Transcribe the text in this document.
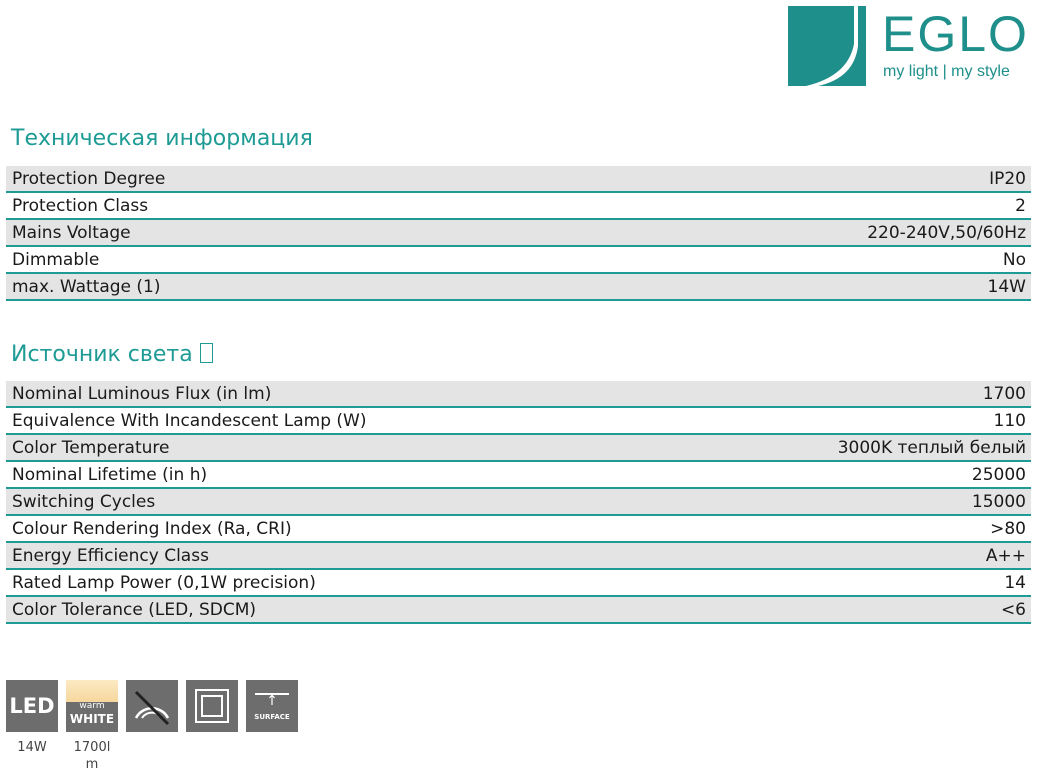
EGLO
my light | my style
Техническая информация
Protection Degree	IP20
Protection Class	2
Mains Voltage	220-240V,50/60Hz
Dimmable	No
max. Wattage (1)	14W
Источник света
Nominal Luminous Flux (in lm)	1700
Equivalence With Incandescent Lamp (W)	110
Color Temperature	3000K теплый белый
Nominal Lifetime (in h)	25000
Switching Cycles	15000
Colour Rendering Index (Ra, CRI)	>80
Energy Efficiency Class	A++
Rated Lamp Power (0,1W precision)	14
Color Tolerance (LED, SDCM)	<6
LED	warm
WHITE
↑
SURFACE
14W	1700l
m
